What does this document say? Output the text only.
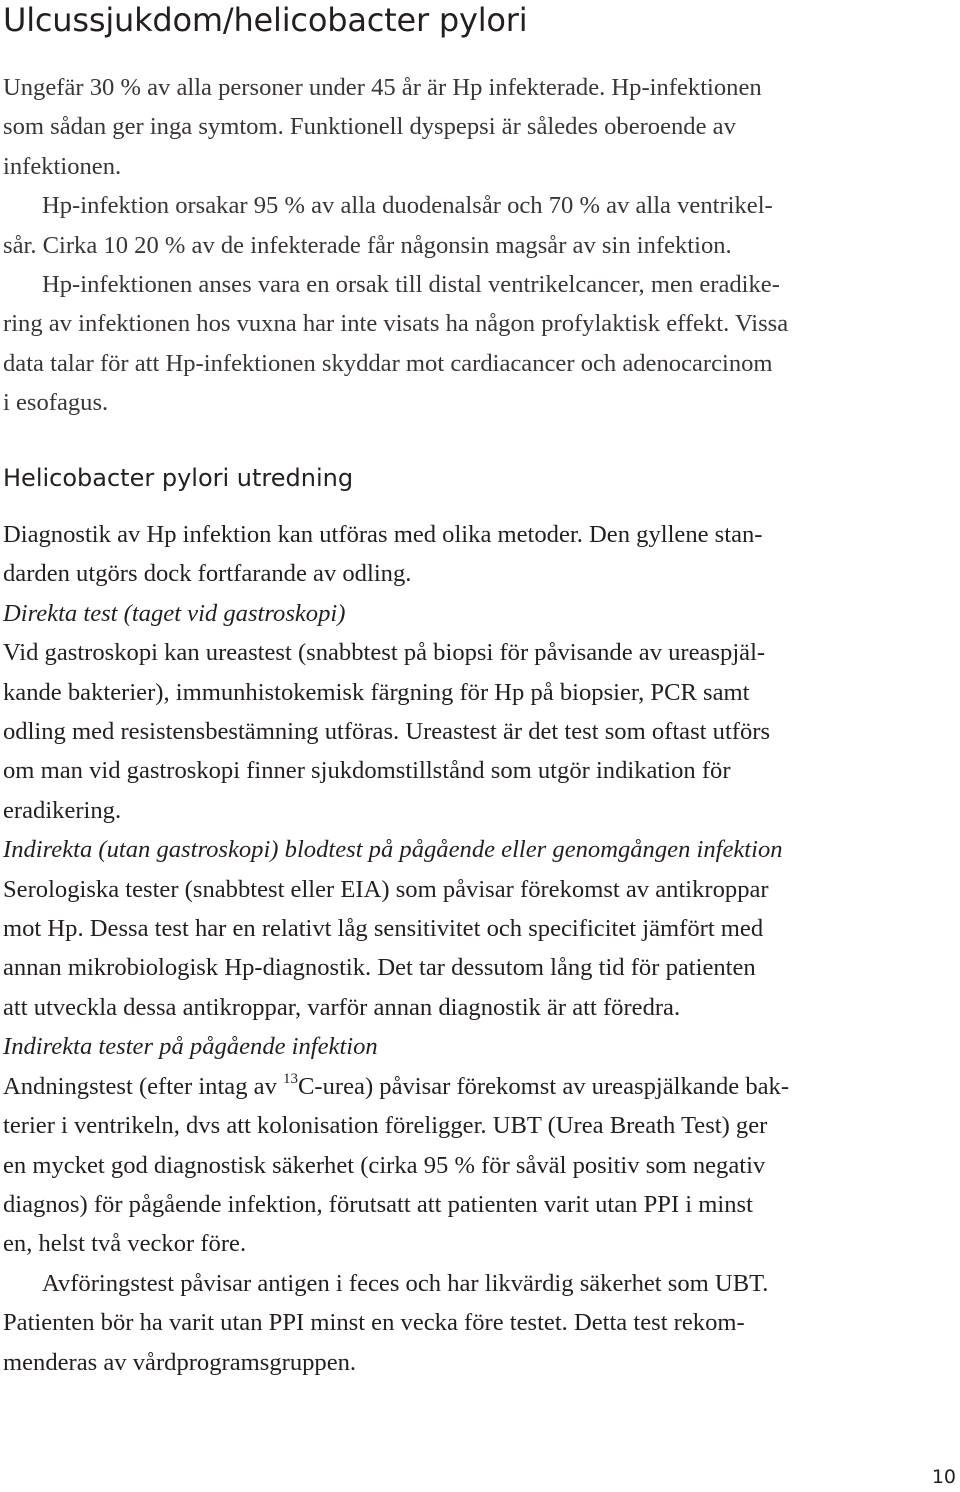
Ulcussjukdom/helicobacter pylori

Ungefär 30 % av alla personer under 45 år är Hp infekterade. Hp-infektionen
som sådan ger inga symtom. Funktionell dyspepsi är således oberoende av
infektionen.

Hp-infektion orsakar 95 % av alla duodenalsår och 70 % av alla ventrikel-
sår. Cirka 10 20 % av de infekterade får någonsin magsår av sin infektion.

Hp-infektionen anses vara en orsak till distal ventrikelcancer, men eradike-
ring av infektionen hos vuxna har inte visats ha någon profylaktisk effekt. Vissa
data talar för att Hp-infektionen skyddar mot cardiacancer och adenocarcinom
i esofagus.

Helicobacter pylori utredning

Diagnostik av Hp infektion kan utföras med olika metoder. Den gyllene stan-
darden utgörs dock fortfarande av odling.

Direkta test (taget vid gastroskopi)
Vid gastroskopi kan ureastest (snabbtest på biopsi för påvisande av ureaspjäl-
kande bakterier), immunhistokemisk färgning för Hp på biopsier, PCR samt
odling med resistensbestämning utföras. Ureastest är det test som oftast utförs
om man vid gastroskopi finner sjukdomstillstånd som utgör indikation för
eradikering.

Indirekta (utan gastroskopi) blodtest på pågående eller genomgången infektion
Serologiska tester (snabbtest eller EIA) som påvisar förekomst av antikroppar
mot Hp. Dessa test har en relativt låg sensitivitet och specificitet jämfört med
annan mikrobiologisk Hp-diagnostik. Det tar dessutom lång tid för patienten
att utveckla dessa antikroppar, varför annan diagnostik är att föredra.

Indirekta tester på pågående infektion
Andningstest (efter intag av $^{13}$C-urea) påvisar förekomst av ureaspjälkande bak-
terier i ventrikeln, dvs att kolonisation föreligger. UBT (Urea Breath Test) ger
en mycket god diagnostisk säkerhet (cirka 95 % för såväl positiv som negativ
diagnos) för pågående infektion, förutsatt att patienten varit utan PPI i minst
en, helst två veckor före.

Avföringstest påvisar antigen i feces och har likvärdig säkerhet som UBT.
Patienten bör ha varit utan PPI minst en vecka före testet. Detta test rekom-
menderas av vårdprogramsgruppen.

10
